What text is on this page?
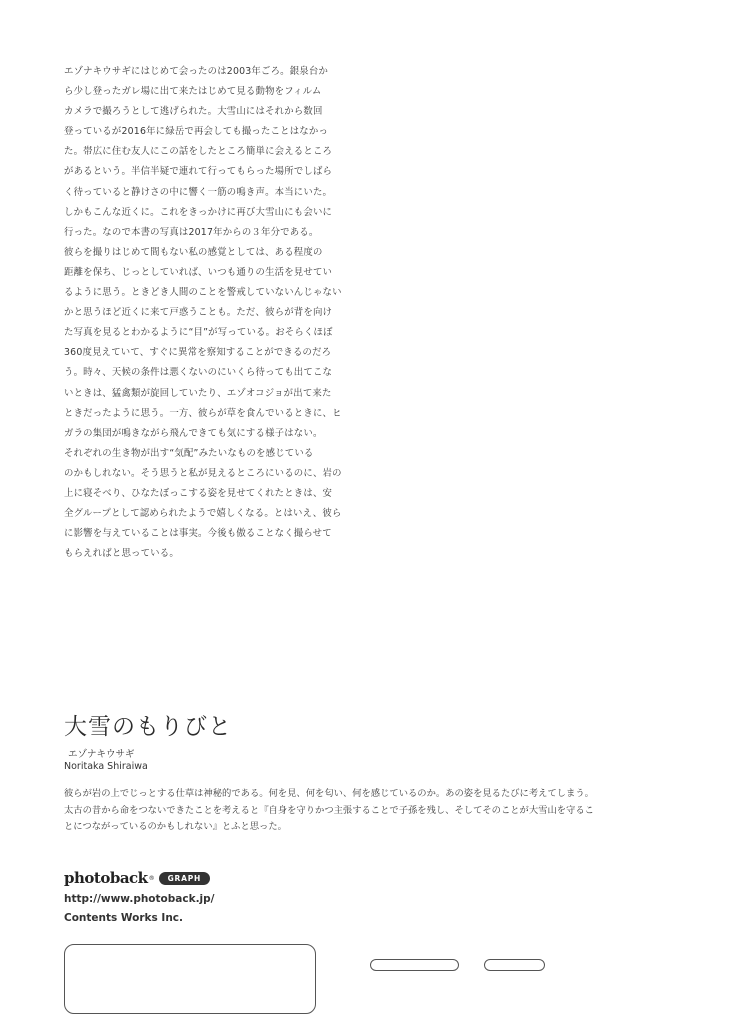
エゾナキウサギにはじめて会ったのは2003年ごろ。銀泉台か
ら少し登ったガレ場に出て来たはじめて見る動物をフィルム
カメラで撮ろうとして逃げられた。大雪山にはそれから数回
登っているが2016年に緑岳で再会しても撮ったことはなかっ
た。帯広に住む友人にこの話をしたところ簡単に会えるところ
があるという。半信半疑で連れて行ってもらった場所でしばら
く待っていると静けさの中に響く一筋の鳴き声。本当にいた。
しかもこんな近くに。これをきっかけに再び大雪山にも会いに
行った。なので本書の写真は2017年からの３年分である。
彼らを撮りはじめて間もない私の感覚としては、ある程度の
距離を保ち、じっとしていれば、いつも通りの生活を見せてい
るように思う。ときどき人間のことを警戒していないんじゃない
かと思うほど近くに来て戸惑うことも。ただ、彼らが背を向け
た写真を見るとわかるように“目”が写っている。おそらくほぼ
360度見えていて、すぐに異常を察知することができるのだろ
う。時々、天候の条件は悪くないのにいくら待っても出てこな
いときは、猛禽類が旋回していたり、エゾオコジョが出て来た
ときだったように思う。一方、彼らが草を食んでいるときに、ヒ
ガラの集団が鳴きながら飛んできても気にする様子はない。
それぞれの生き物が出す“気配”みたいなものを感じている
のかもしれない。そう思うと私が見えるところにいるのに、岩の
上に寝そべり、ひなたぼっこする姿を見せてくれたときは、安
全グループとして認められたようで嬉しくなる。とはいえ、彼ら
に影響を与えていることは事実。今後も傲ることなく撮らせて
もらえればと思っている。
大雪のもりびと
エゾナキウサギ
Noritaka Shiraiwa
彼らが岩の上でじっとする仕草は神秘的である。何を見、何を匂い、何を感じているのか。あの姿を見るたびに考えてしまう。
太古の昔から命をつないできたことを考えると『自身を守りかつ主張することで子孫を残し、そしてそのことが大雪山を守るこ
とにつながっているのかもしれない』とふと思った。
photoback ®	GRAPH
http://www.photoback.jp/
Contents Works Inc.
